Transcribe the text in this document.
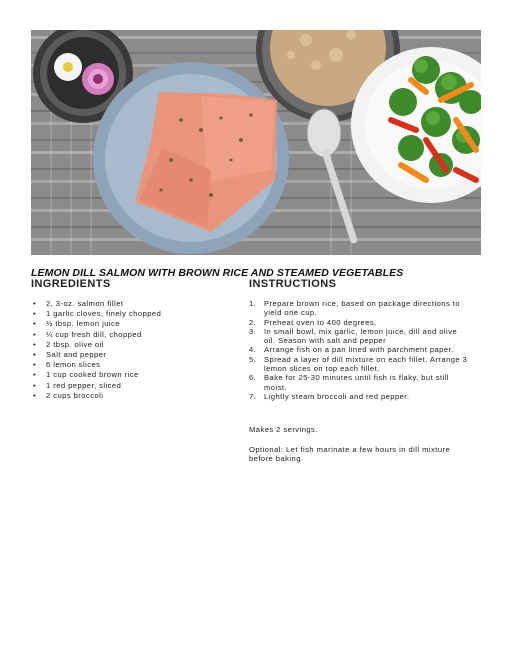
LEMON DILL SALMON WITH BROWN RICE AND STEAMED VEGETABLES
INGREDIENTS	INSTRUCTIONS
• 2, 3-oz. salmon fillet
• 1 garlic cloves, finely chopped
• ½ tbsp. lemon juice
• ¼ cup fresh dill, chopped
• 2 tbsp. olive oil
• Salt and pepper
• 6 lemon slices
• 1 cup cooked brown rice
• 1 red pepper, sliced
• 2 cups broccoli
1. Prepare brown rice, based on package directions to yield one cup.
2. Preheat oven to 400 degrees.
3. In small bowl, mix garlic, lemon juice, dill and olive oil. Season with salt and pepper
4. Arrange fish on a pan lined with parchment paper.
5. Spread a layer of dill mixture on each fillet. Arrange 3 lemon slices on top each fillet.
6. Bake for 25-30 minutes until fish is flaky, but still moist.
7. Lightly steam broccoli and red pepper.

Makes 2 servings.

Optional: Let fish marinate a few hours in dill mixture before baking.
